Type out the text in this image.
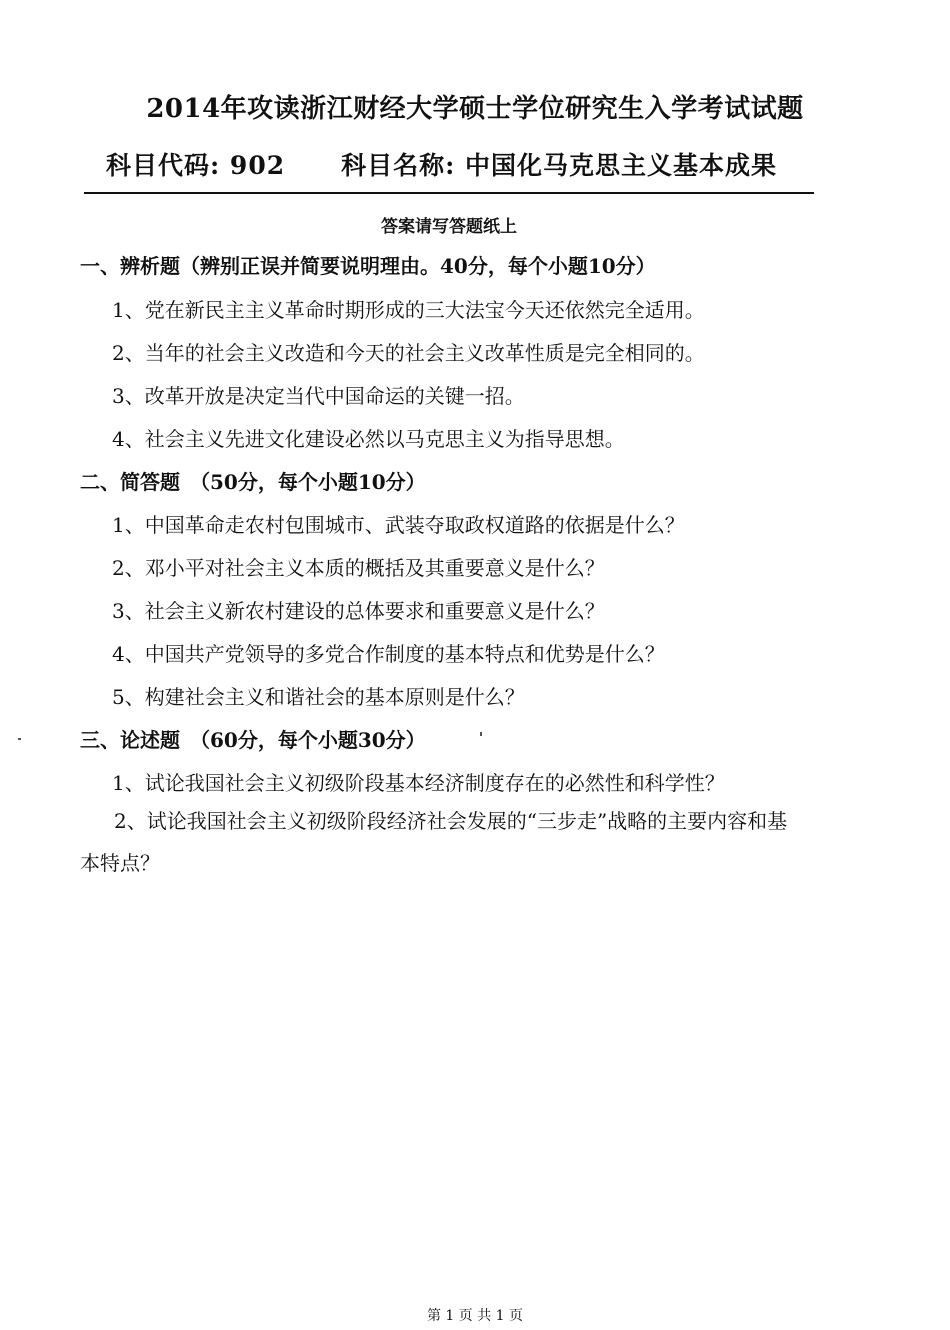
2014年攻读浙江财经大学硕士学位研究生入学考试试题
科目代码: 902 科目名称: 中国化马克思主义基本成果
答案请写答题纸上
一、辨析题（辨别正误并简要说明理由。40分，每个小题10分）
1、党在新民主主义革命时期形成的三大法宝今天还依然完全适用。
2、当年的社会主义改造和今天的社会主义改革性质是完全相同的。
3、改革开放是决定当代中国命运的关键一招。
4、社会主义先进文化建设必然以马克思主义为指导思想。
二、简答题　（50分，每个小题10分）
1、中国革命走农村包围城市、武装夺取政权道路的依据是什么？
2、邓小平对社会主义本质的概括及其重要意义是什么？
3、社会主义新农村建设的总体要求和重要意义是什么？
4、中国共产党领导的多党合作制度的基本特点和优势是什么？
5、构建社会主义和谐社会的基本原则是什么？
三、论述题　（60分，每个小题30分）
1、试论我国社会主义初级阶段基本经济制度存在的必然性和科学性？
2、试论我国社会主义初级阶段经济社会发展的“三步走”战略的主要内容和基本特点？
第 1 页 共 1 页
